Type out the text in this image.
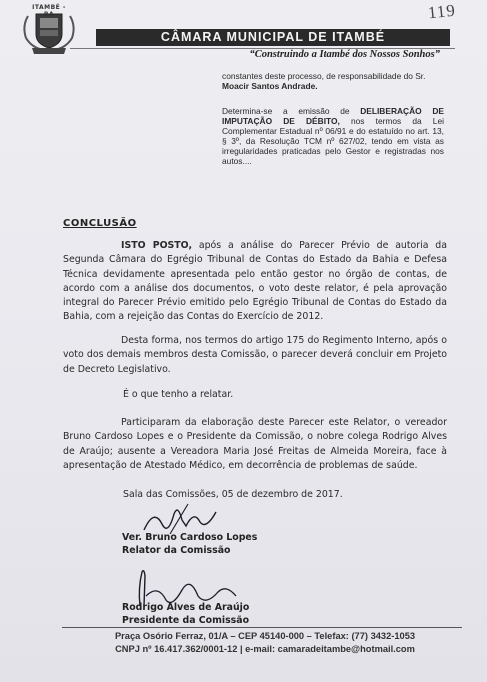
ITAMBÉ - BA	119
CÂMARA MUNICIPAL DE ITAMBÉ
“Construindo a Itambé dos Nossos Sonhos”
constantes deste processo, de responsabilidade do Sr.
Moacir Santos Andrade.
Determina-se a emissão de DELIBERAÇÃO DE IMPUTAÇÃO DE DÉBITO, nos termos da Lei Complementar Estadual nº 06/91 e do estatuído no art. 13, § 3º, da Resolução TCM nº 627/02, tendo em vista as irregularidades praticadas pelo Gestor e registradas nos autos....
CONCLUSÃO
ISTO POSTO, após a análise do Parecer Prévio de autoria da Segunda Câmara do Egrégio Tribunal de Contas do Estado da Bahia e Defesa Técnica devidamente apresentada pelo então gestor no órgão de contas, de acordo com a análise dos documentos, o voto deste relator, é pela aprovação integral do Parecer Prévio emitido pelo Egrégio Tribunal de Contas do Estado da Bahia, com a rejeição das Contas do Exercício de 2012.
Desta forma, nos termos do artigo 175 do Regimento Interno, após o voto dos demais membros desta Comissão, o parecer deverá concluir em Projeto de Decreto Legislativo.
É o que tenho a relatar.
Participaram da elaboração deste Parecer este Relator, o vereador Bruno Cardoso Lopes e o Presidente da Comissão, o nobre colega Rodrigo Alves de Araújo; ausente a Vereadora Maria José Freitas de Almeida Moreira, face à apresentação de Atestado Médico, em decorrência de problemas de saúde.
Sala das Comissões, 05 de dezembro de 2017.
Ver. Bruno Cardoso Lopes
Relator da Comissão
Rodrigo Alves de Araújo
Presidente da Comissão
Praça Osório Ferraz, 01/A – CEP 45140-000 – Telefax: (77) 3432-1053
CNPJ nº 16.417.362/0001-12 | e-mail: camaradeitambe@hotmail.com
